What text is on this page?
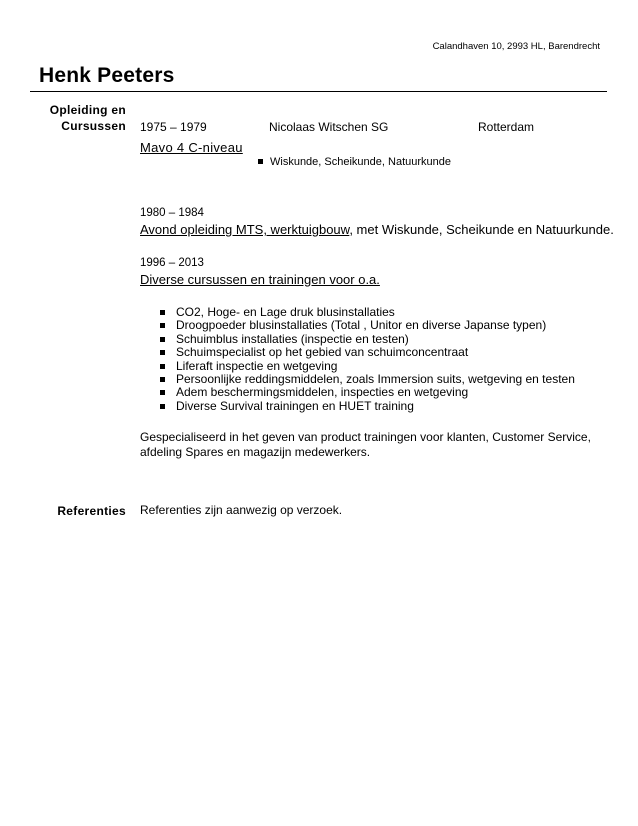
Calandhaven 10, 2993 HL, Barendrecht
Henk Peeters
Opleiding en
Cursussen 1975 – 1979	Nicolaas Witschen SG	Rotterdam
Mavo 4 C-niveau
Wiskunde, Scheikunde, Natuurkunde
1980 – 1984
Avond opleiding MTS, werktuigbouw, met Wiskunde, Scheikunde en Natuurkunde.
1996 – 2013
Diverse cursussen en trainingen voor o.a.
CO2, Hoge- en Lage druk blusinstallaties
Droogpoeder blusinstallaties (Total , Unitor en diverse Japanse typen)
Schuimblus installaties (inspectie en testen)
Schuimspecialist op het gebied van schuimconcentraat
Liferaft inspectie en wetgeving
Persoonlijke reddingsmiddelen, zoals Immersion suits, wetgeving en testen
Adem beschermingsmiddelen, inspecties en wetgeving
Diverse Survival trainingen en HUET training
Gespecialiseerd in het geven van product trainingen voor klanten, Customer Service, afdeling Spares en magazijn medewerkers.
Referenties Referenties zijn aanwezig op verzoek.
